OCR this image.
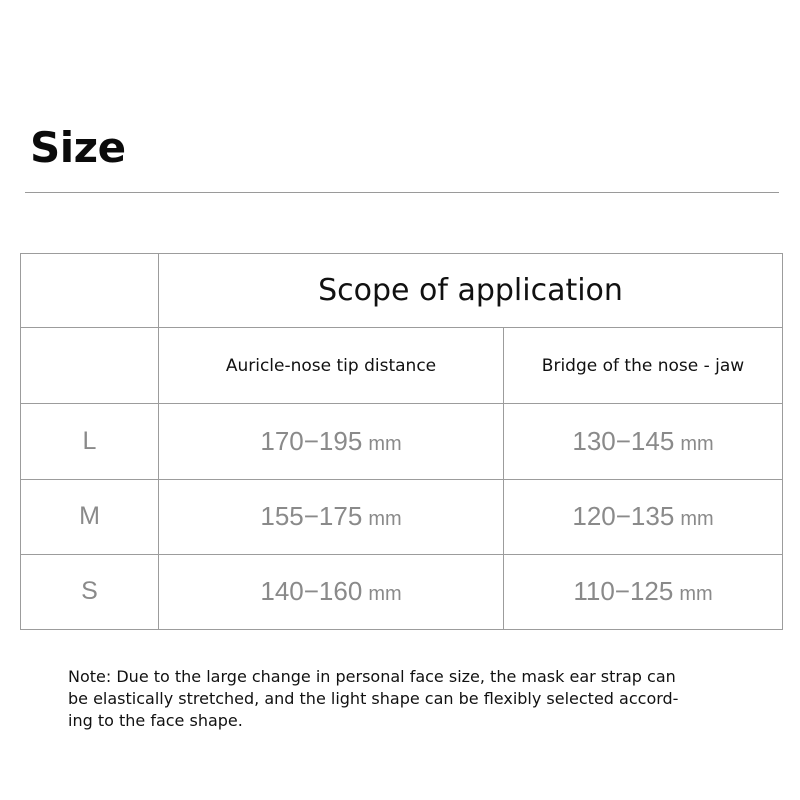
Size
	Scope of application	
	Auricle-nose tip distance	Bridge of the nose - jaw
L	170−195 mm	130−145 mm
M	155−175 mm	120−135 mm
S	140−160 mm	110−125 mm
Note: Due to the large change in personal face size, the mask ear strap can
be elastically stretched, and the light shape can be flexibly selected accord-
ing to the face shape.
